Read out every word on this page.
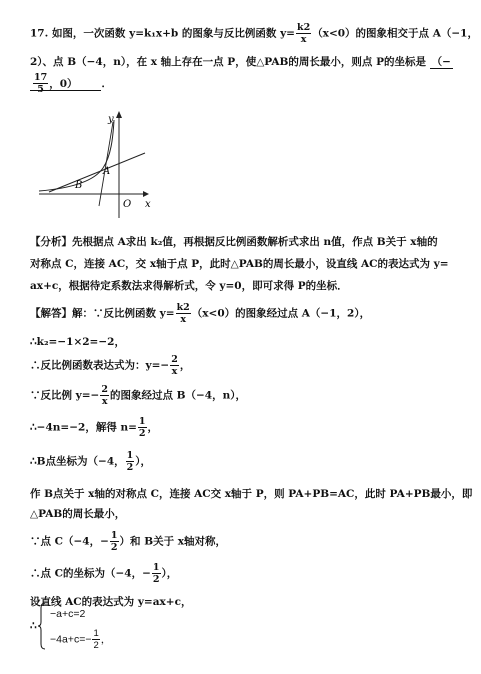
17. 如图，一次函数 y=k₁x+b 的图象与反比例函数 $y= \frac{k2}{x} (x<0)$的图象相交于点 A（−1，
2）、点 B（−4，n），在 x 轴上存在一点 P，使△PAB的周长最小，则点 P的坐标是 （−
$\frac{17}{5}$ ，0） ．
y
x
O
A
B
【分析】先根据点 A求出 k₂值，再根据反比例函数解析式求出 n值，作点 B关于 x轴的
对称点 C，连接 AC，交 x轴于点 P，此时△PAB的周长最小，设直线 AC的表达式为 y=
ax+c，根据待定系数法求得解析式，令 y=0，即可求得 P的坐标．
【解答】解：∵反比例函数 $y= \frac{k2}{x} (x<0)$的图象经过点 A（−1，2），
∴k₂=−1×2=−2，
∴反比例函数表达式为：$y=- \frac{2}{x}$ ，
∵反比例 $y=- \frac{2}{x}$ 的图象经过点 B（−4，n），
∴−4n=−2，解得 $n= \frac{1}{2}$ ，
∴B点坐标为（−4， $\frac{1}{2}$ ），
作 B点关于 x轴的对称点 C，连接 AC交 x轴于 P，则 PA+PB=AC，此时 PA+PB最小，即
△PAB的周长最小，
∵点 C（−4，− $\frac{1}{2}$ ）和 B关于 x轴对称，
∴点 C的坐标为（−4，− $\frac{1}{2}$ ），
设直线 AC的表达式为 y=ax+c，
∴
−a+c=2
$-4a+c=- \frac{1}{2}$ ，
